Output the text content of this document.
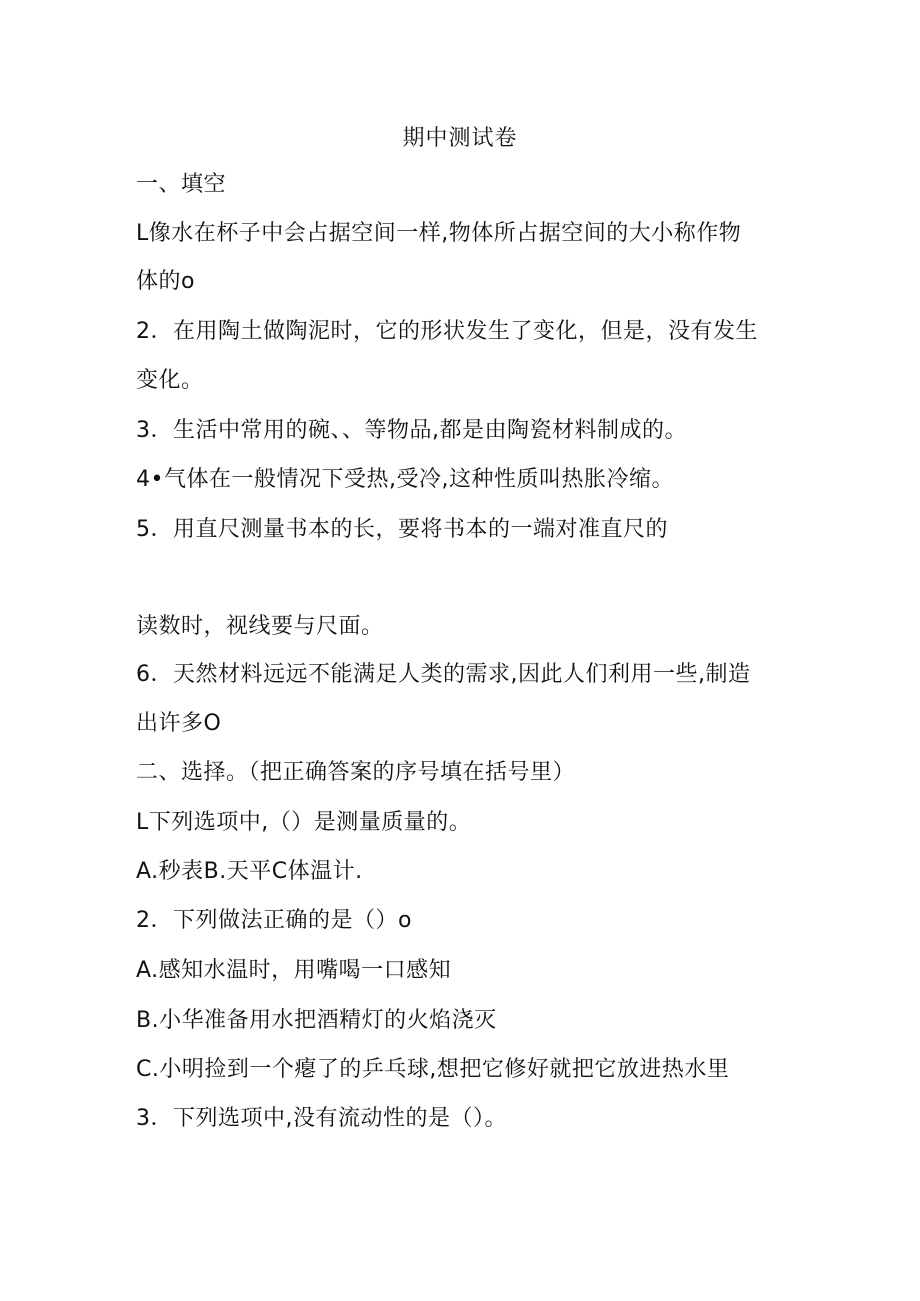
期中测试卷
一、填空
L像水在杯子中会占据空间一样,物体所占据空间的大小称作物
体的o
2．在用陶土做陶泥时，它的形状发生了变化，但是，没有发生
变化。
3．生活中常用的碗、、等物品,都是由陶瓷材料制成的。
4•气体在一般情况下受热,受冷,这种性质叫热胀冷缩。
5．用直尺测量书本的长，要将书本的一端对准直尺的
读数时，视线要与尺面。
6．天然材料远远不能满足人类的需求,因此人们利用一些,制造
出许多O
二、选择。（把正确答案的序号填在括号里）
L下列选项中,（）是测量质量的。
A.秒表B.天平C体温计.
2．下列做法正确的是（）o
A.感知水温时，用嘴喝一口感知
B.小华准备用水把酒精灯的火焰浇灭
C.小明捡到一个瘪了的乒乓球,想把它修好就把它放进热水里
3．下列选项中,没有流动性的是（）。
